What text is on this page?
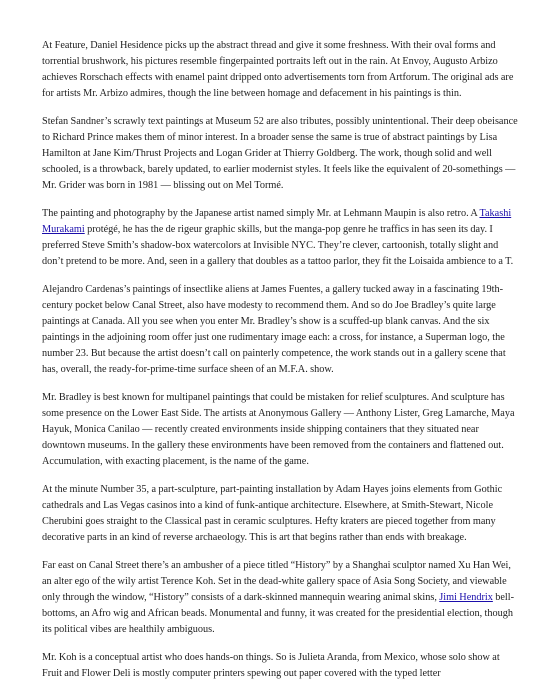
At Feature, Daniel Hesidence picks up the abstract thread and give it some freshness. With their oval forms and torrential brushwork, his pictures resemble fingerpainted portraits left out in the rain. At Envoy, Augusto Arbizo achieves Rorschach effects with enamel paint dripped onto advertisements torn from Artforum. The original ads are for artists Mr. Arbizo admires, though the line between homage and defacement in his paintings is thin.

Stefan Sandner’s scrawly text paintings at Museum 52 are also tributes, possibly unintentional. Their deep obeisance to Richard Prince makes them of minor interest. In a broader sense the same is true of abstract paintings by Lisa Hamilton at Jane Kim/Thrust Projects and Logan Grider at Thierry Goldberg. The work, though solid and well schooled, is a throwback, barely updated, to earlier modernist styles. It feels like the equivalent of 20-somethings — Mr. Grider was born in 1981 — blissing out on Mel Tormé.

The painting and photography by the Japanese artist named simply Mr. at Lehmann Maupin is also retro. A Takashi Murakami protégé, he has the de rigeur graphic skills, but the manga-pop genre he traffics in has seen its day. I preferred Steve Smith’s shadow-box watercolors at Invisible NYC. They’re clever, cartoonish, totally slight and don’t pretend to be more. And, seen in a gallery that doubles as a tattoo parlor, they fit the Loisaida ambience to a T.

Alejandro Cardenas’s paintings of insectlike aliens at James Fuentes, a gallery tucked away in a fascinating 19th-century pocket below Canal Street, also have modesty to recommend them. And so do Joe Bradley’s quite large paintings at Canada. All you see when you enter Mr. Bradley’s show is a scuffed-up blank canvas. And the six paintings in the adjoining room offer just one rudimentary image each: a cross, for instance, a Superman logo, the number 23. But because the artist doesn’t call on painterly competence, the work stands out in a gallery scene that has, overall, the ready-for-prime-time surface sheen of an M.F.A. show.

Mr. Bradley is best known for multipanel paintings that could be mistaken for relief sculptures. And sculpture has some presence on the Lower East Side. The artists at Anonymous Gallery — Anthony Lister, Greg Lamarche, Maya Hayuk, Monica Canilao — recently created environments inside shipping containers that they situated near downtown museums. In the gallery these environments have been removed from the containers and flattened out. Accumulation, with exacting placement, is the name of the game.

At the minute Number 35, a part-sculpture, part-painting installation by Adam Hayes joins elements from Gothic cathedrals and Las Vegas casinos into a kind of funk-antique architecture. Elsewhere, at Smith-Stewart, Nicole Cherubini goes straight to the Classical past in ceramic sculptures. Hefty kraters are pieced together from many decorative parts in an kind of reverse archaeology. This is art that begins rather than ends with breakage.

Far east on Canal Street there’s an ambusher of a piece titled “History” by a Shanghai sculptor named Xu Han Wei, an alter ego of the wily artist Terence Koh. Set in the dead-white gallery space of Asia Song Society, and viewable only through the window, “History” consists of a dark-skinned mannequin wearing animal skins, Jimi Hendrix bell-bottoms, an Afro wig and African beads. Monumental and funny, it was created for the presidential election, though its political vibes are healthily ambiguous.

Mr. Koh is a conceptual artist who does hands-on things. So is Julieta Aranda, from Mexico, whose solo show at Fruit and Flower Deli is mostly computer printers spewing out paper covered with the typed letter
